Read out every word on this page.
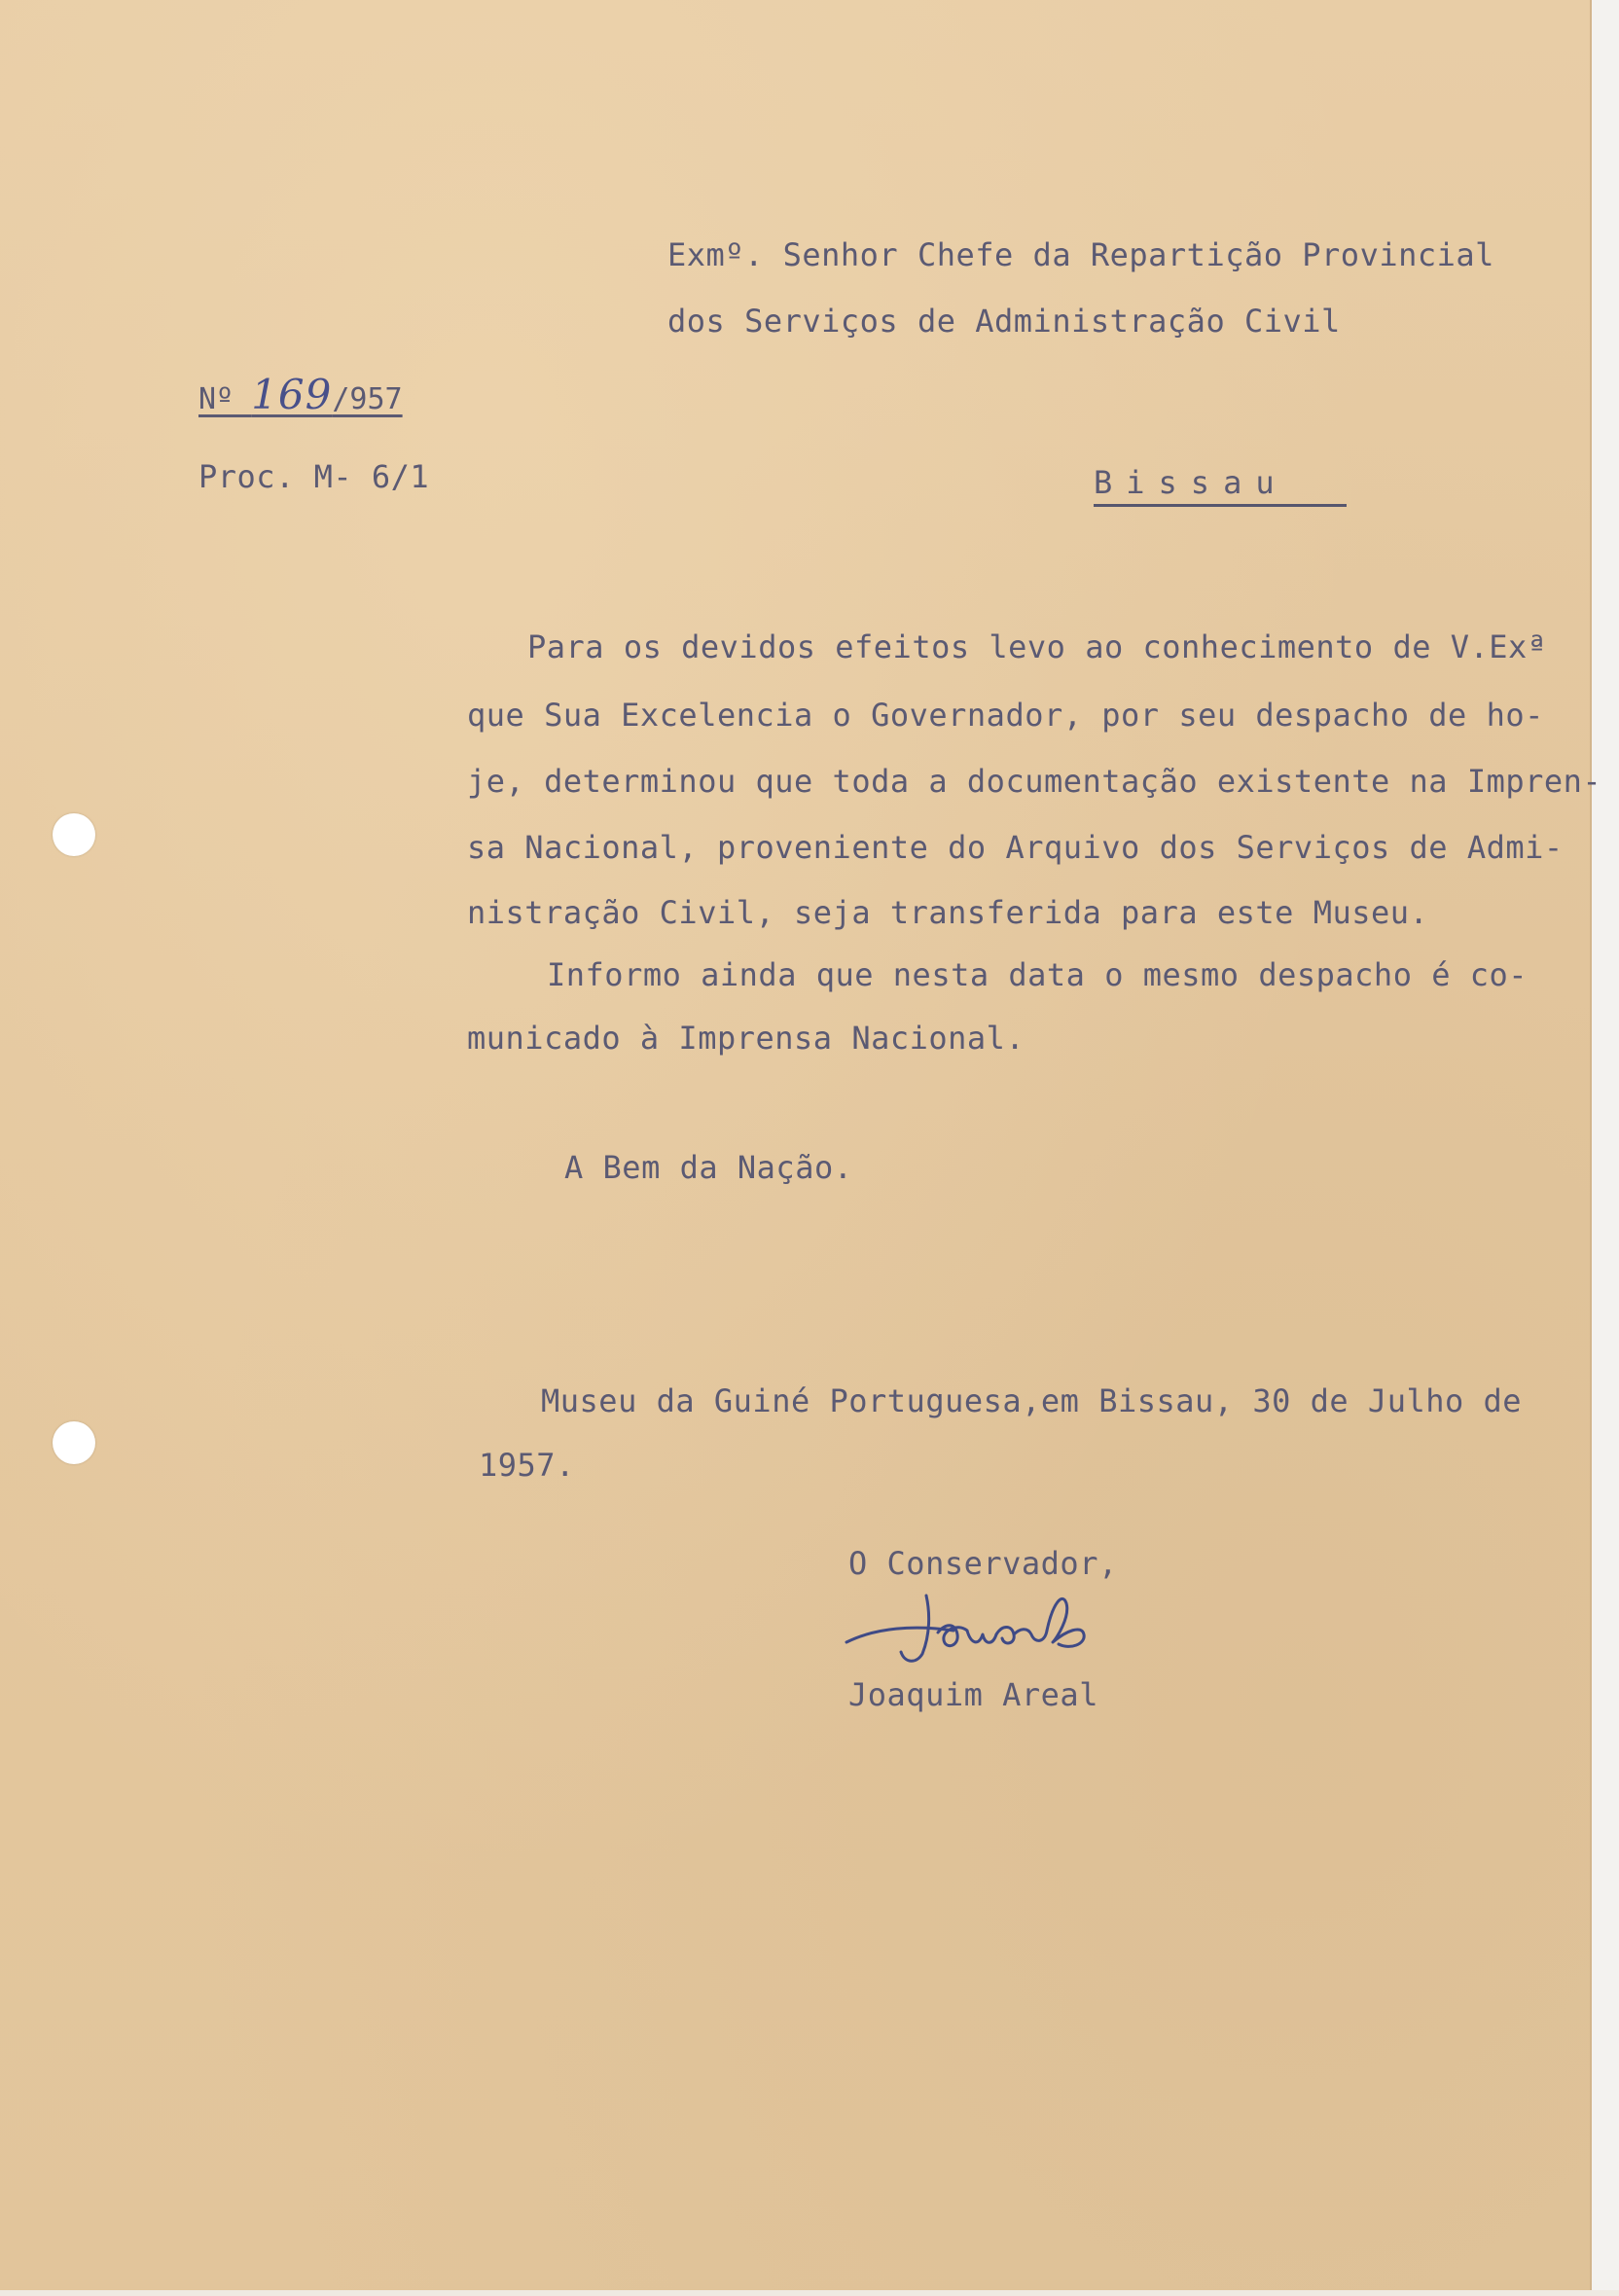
Exmº. Senhor Chefe da Repartição Provincial
dos Serviços de Administração Civil
Nº 169/957
Proc. M- 6/1	Bissau
Para os devidos efeitos levo ao conhecimento de V.Exª
que Sua Excelencia o Governador, por seu despacho de ho-
je, determinou que toda a documentação existente na Impren-
sa Nacional, proveniente do Arquivo dos Serviços de Admi-
nistração Civil, seja transferida para este Museu.
Informo ainda que nesta data o mesmo despacho é co-
municado à Imprensa Nacional.
A Bem da Nação.
Museu da Guiné Portuguesa,em Bissau, 30 de Julho de
1957.
O Conservador,
Joaquim Areal
